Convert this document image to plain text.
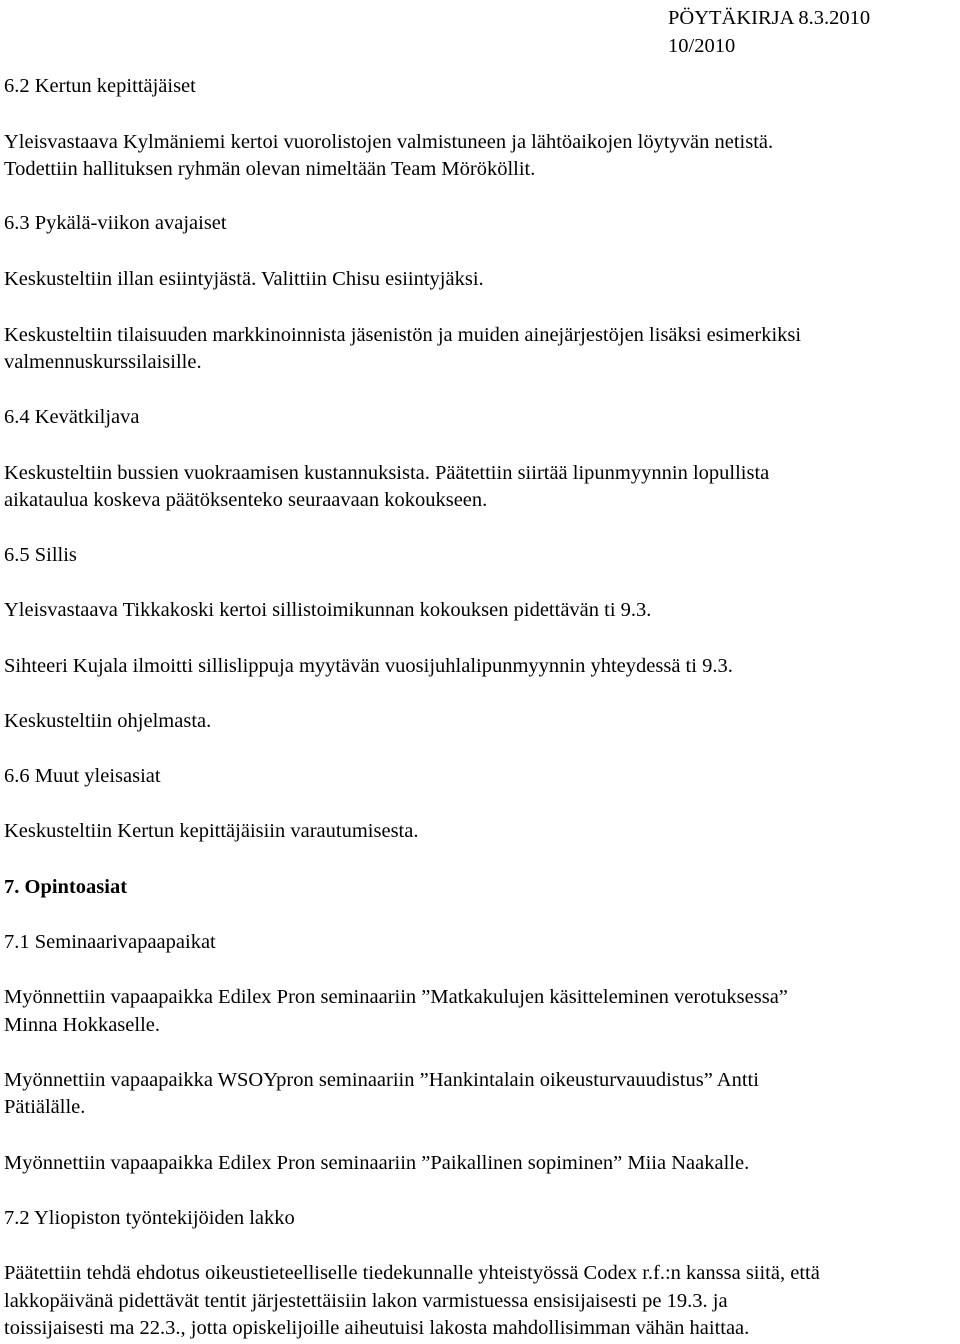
PÖYTÄKIRJA 8.3.2010
10/2010
6.2 Kertun kepittäjäiset
Yleisvastaava Kylmäniemi kertoi vuorolistojen valmistuneen ja lähtöaikojen löytyvän netistä.
Todettiin hallituksen ryhmän olevan nimeltään Team Mörököllit.
6.3 Pykälä-viikon avajaiset
Keskusteltiin illan esiintyjästä. Valittiin Chisu esiintyjäksi.
Keskusteltiin tilaisuuden markkinoinnista jäsenistön ja muiden ainejärjestöjen lisäksi esimerkiksi
valmennuskurssilaisille.
6.4 Kevätkiljava
Keskusteltiin bussien vuokraamisen kustannuksista. Päätettiin siirtää lipunmyynnin lopullista
aikataulua koskeva päätöksenteko seuraavaan kokoukseen.
6.5 Sillis
Yleisvastaava Tikkakoski kertoi sillistoimikunnan kokouksen pidettävän ti 9.3.
Sihteeri Kujala ilmoitti sillislippuja myytävän vuosijuhlalipunmyynnin yhteydessä ti 9.3.
Keskusteltiin ohjelmasta.
6.6 Muut yleisasiat
Keskusteltiin Kertun kepittäjäisiin varautumisesta.
7. Opintoasiat
7.1 Seminaarivapaapaikat
Myönnettiin vapaapaikka Edilex Pron seminaariin ”Matkakulujen käsitteleminen verotuksessa”
Minna Hokkaselle.
Myönnettiin vapaapaikka WSOYpron seminaariin ”Hankintalain oikeusturvauudistus” Antti
Pätiälälle.
Myönnettiin vapaapaikka Edilex Pron seminaariin ”Paikallinen sopiminen” Miia Naakalle.
7.2 Yliopiston työntekijöiden lakko
Päätettiin tehdä ehdotus oikeustieteelliselle tiedekunnalle yhteistyössä Codex r.f.:n kanssa siitä, että
lakkopäivänä pidettävät tentit järjestettäisiin lakon varmistuessa ensisijaisesti pe 19.3. ja
toissijaisesti ma 22.3., jotta opiskelijoille aiheutuisi lakosta mahdollisimman vähän haittaa.
